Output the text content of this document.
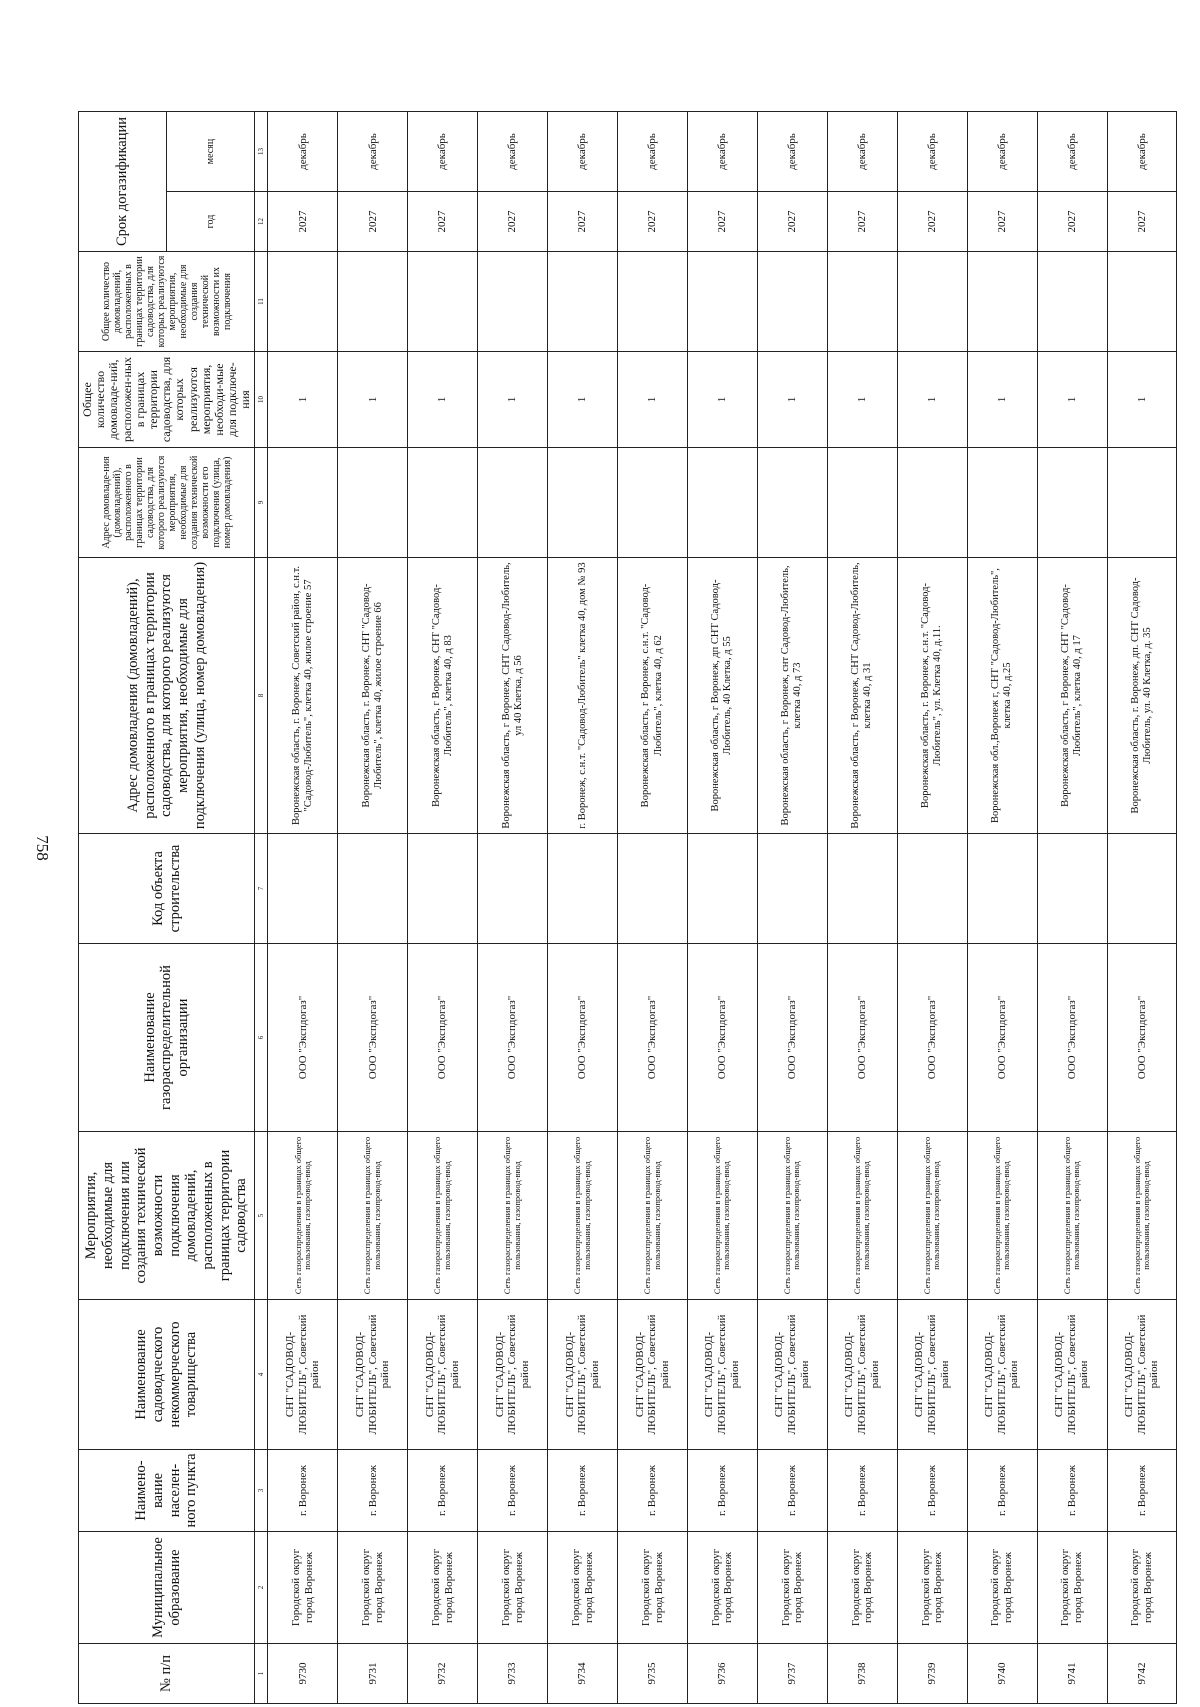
758
№ п/п	Муниципальное образование	Наимено-вание населен-ного пункта	Наименование садоводческого некоммерческого товарищества	Мероприятия, необходимые для подключения или создания технической возможности подключения домовладений, расположенных в границах территории садоводства	Наименование газораспределительной организации	Код объекта строительства	Адрес домовладения (домовладений), расположенного в границах территории садоводства, для которого реализуются мероприятия, необходимые для подключения (улица, номер домовладения)	Адрес домовладе-ния (домовладений), расположенного в границах территории садоводства, для которого реализуются мероприятия, необходимые для создания технической возможности его подключения (улица, номер домовладения)	Общее количество домовладе-ний, расположен-ных в границах территории садоводства, для которых реализуются мероприятия, необходи-мые для подключе-ния	Общее количество домовладений, расположенных в границах территории садоводства, для которых реализуются мероприятия, необходимые для создания технической возможности их подключения	Срок догазификации	
											год	месяц
1	2	3	4	5	6	7	8	9	10	11	12	13
9730	Городской округ город Воронеж	г. Воронеж	СНТ "САДОВОД-ЛЮБИТЕЛЬ", Советский район	Сеть газораспределения в границах общего пользования, газопровод-ввод	ООО "Экспдогаз"		Воронежская область, г. Воронеж, Советский район, с.н.т. "Садовод-Любитель", клетка 40, жилое строение 57		1		2027	декабрь
9731	Городской округ город Воронеж	г. Воронеж	СНТ "САДОВОД-ЛЮБИТЕЛЬ", Советский район	Сеть газораспределения в границах общего пользования, газопровод-ввод	ООО "Экспдогаз"		Воронежская область, г. Воронеж, СНТ "Садовод-Любитель", клетка 40, жилое строение 66		1		2027	декабрь
9732	Городской округ город Воронеж	г. Воронеж	СНТ "САДОВОД-ЛЮБИТЕЛЬ", Советский район	Сеть газораспределения в границах общего пользования, газопровод-ввод	ООО "Экспдогаз"		Воронежская область, г Воронеж, СНТ "Садовод-Любитель", клетка 40, д 83		1		2027	декабрь
9733	Городской округ город Воронеж	г. Воронеж	СНТ "САДОВОД-ЛЮБИТЕЛЬ", Советский район	Сеть газораспределения в границах общего пользования, газопровод-ввод	ООО "Экспдогаз"		Воронежская область, г Воронеж, СНТ Садовод-Любитель, ул 40 Клетка, д 56		1		2027	декабрь
9734	Городской округ город Воронеж	г. Воронеж	СНТ "САДОВОД-ЛЮБИТЕЛЬ", Советский район	Сеть газораспределения в границах общего пользования, газопровод-ввод	ООО "Экспдогаз"		г. Воронеж, с.н.т. "Садовод-Любитель" клетка 40, дом № 93		1		2027	декабрь
9735	Городской округ город Воронеж	г. Воронеж	СНТ "САДОВОД-ЛЮБИТЕЛЬ", Советский район	Сеть газораспределения в границах общего пользования, газопровод-ввод	ООО "Экспдогаз"		Воронежская область, г Воронеж, с.н.т. "Садовод-Любитель", клетка 40, д 62		1		2027	декабрь
9736	Городской округ город Воронеж	г. Воронеж	СНТ "САДОВОД-ЛЮБИТЕЛЬ", Советский район	Сеть газораспределения в границах общего пользования, газопровод-ввод	ООО "Экспдогаз"		Воронежская область, г Воронеж, дп СНТ Садовод-Любитель, 40 Клетка, д 55		1		2027	декабрь
9737	Городской округ город Воронеж	г. Воронеж	СНТ "САДОВОД-ЛЮБИТЕЛЬ", Советский район	Сеть газораспределения в границах общего пользования, газопровод-ввод	ООО "Экспдогаз"		Воронежская область, г Воронеж, снт Садовод-Любитель, клетка 40, д 73		1		2027	декабрь
9738	Городской округ город Воронеж	г. Воронеж	СНТ "САДОВОД-ЛЮБИТЕЛЬ", Советский район	Сеть газораспределения в границах общего пользования, газопровод-ввод	ООО "Экспдогаз"		Воронежская область, г Воронеж, СНТ Садовод-Любитель, клетка 40, д 31		1		2027	декабрь
9739	Городской округ город Воронеж	г. Воронеж	СНТ "САДОВОД-ЛЮБИТЕЛЬ", Советский район	Сеть газораспределения в границах общего пользования, газопровод-ввод	ООО "Экспдогаз"		Воронежская область, г. Воронеж, с.н.т. "Садовод-Любитель", ул. Клетка 40, д.11.		1		2027	декабрь
9740	Городской округ город Воронеж	г. Воронеж	СНТ "САДОВОД-ЛЮБИТЕЛЬ", Советский район	Сеть газораспределения в границах общего пользования, газопровод-ввод	ООО "Экспдогаз"		Воронежская обл.,Воронеж г, СНТ "Садовод-Любитель", клетка 40, д.25		1		2027	декабрь
9741	Городской округ город Воронеж	г. Воронеж	СНТ "САДОВОД-ЛЮБИТЕЛЬ", Советский район	Сеть газораспределения в границах общего пользования, газопровод-ввод	ООО "Экспдогаз"		Воронежская область, г Воронеж, СНТ "Садовод-Любитель", клетка 40, д 17		1		2027	декабрь
9742	Городской округ город Воронеж	г. Воронеж	СНТ "САДОВОД-ЛЮБИТЕЛЬ", Советский район	Сеть газораспределения в границах общего пользования, газопровод-ввод	ООО "Экспдогаз"		Воронежская область, г. Воронеж, дп. СНТ Садовод-Любитель, ул. 40 Клетка, д. 35		1		2027	декабрь
